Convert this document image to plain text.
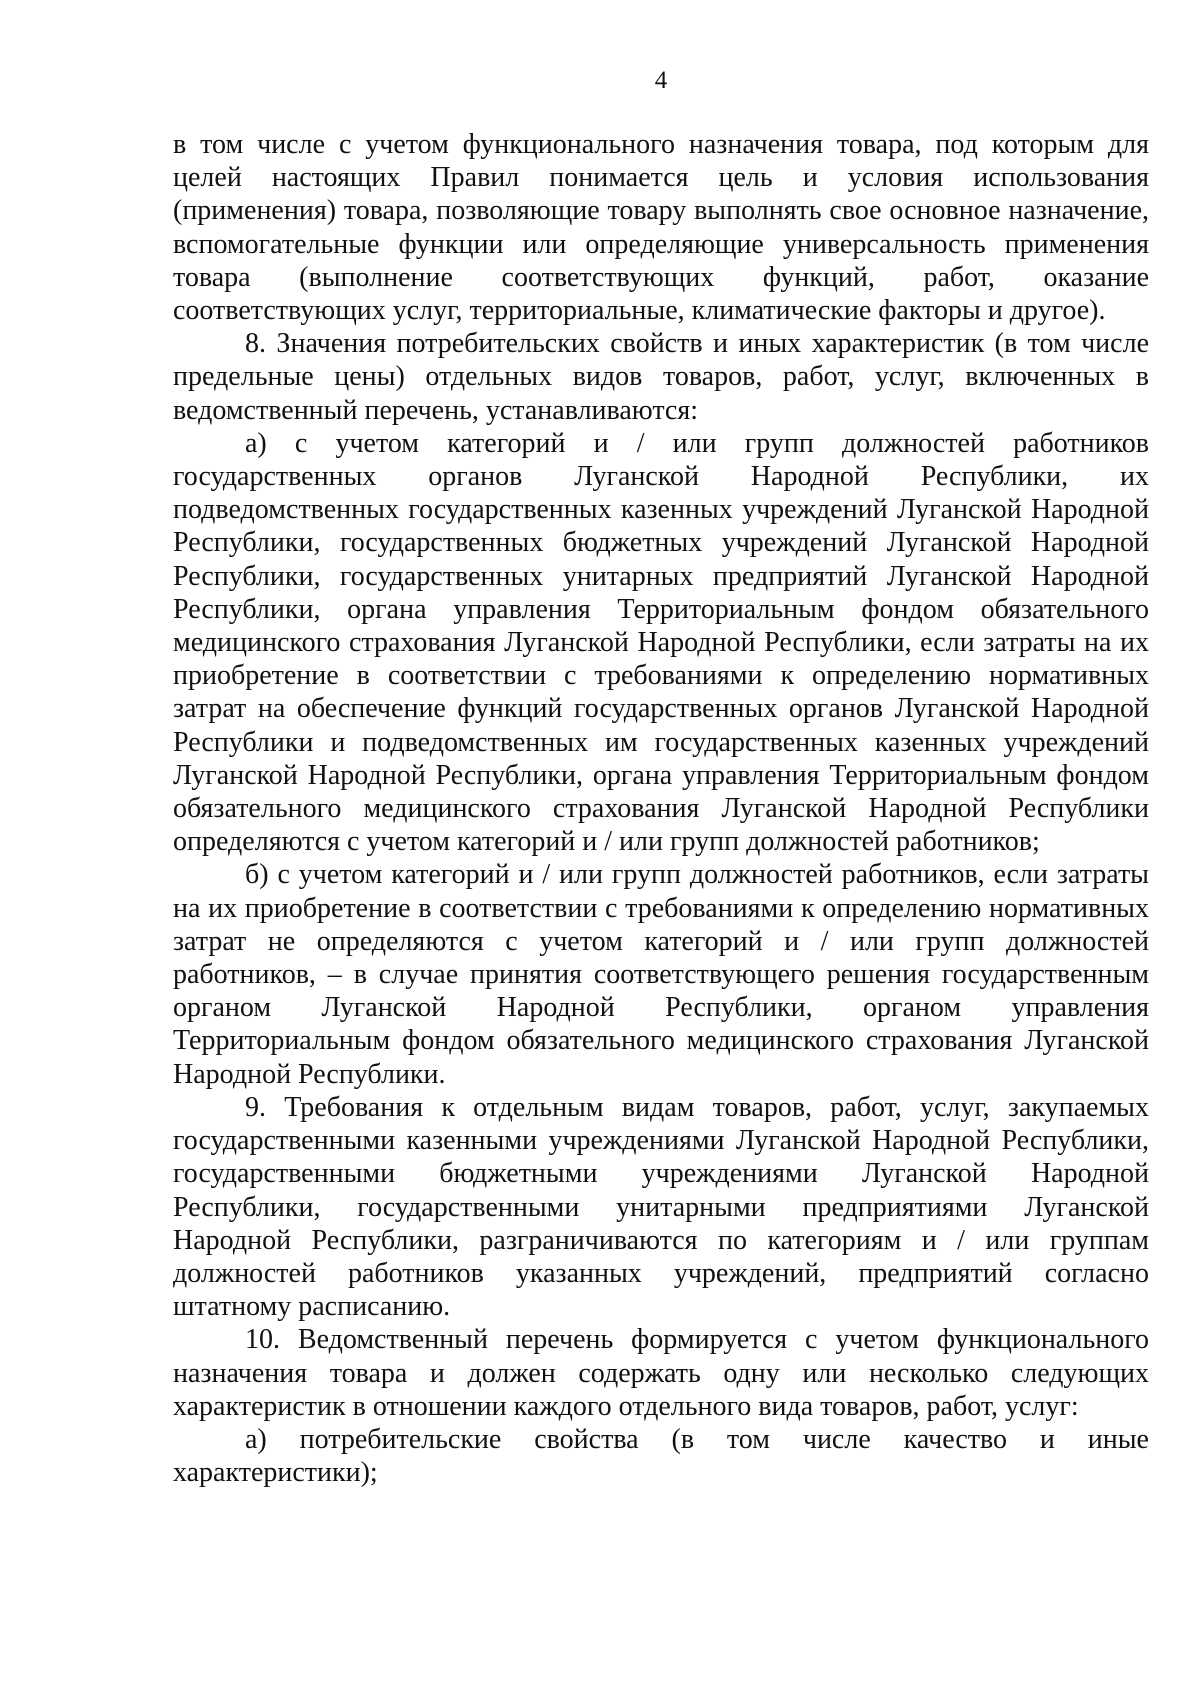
4

в том числе с учетом функционального назначения товара, под которым для целей настоящих Правил понимается цель и условия использования (применения) товара, позволяющие товару выполнять свое основное назначение, вспомогательные функции или определяющие универсальность применения товара (выполнение соответствующих функций, работ, оказание соответствующих услуг, территориальные, климатические факторы и другое).

8. Значения потребительских свойств и иных характеристик (в том числе предельные цены) отдельных видов товаров, работ, услуг, включенных в ведомственный перечень, устанавливаются:

а) с учетом категорий и / или групп должностей работников государственных органов Луганской Народной Республики, их подведомственных государственных казенных учреждений Луганской Народной Республики, государственных бюджетных учреждений Луганской Народной Республики, государственных унитарных предприятий Луганской Народной Республики, органа управления Территориальным фондом обязательного медицинского страхования Луганской Народной Республики, если затраты на их приобретение в соответствии с требованиями к определению нормативных затрат на обеспечение функций государственных органов Луганской Народной Республики и подведомственных им государственных казенных учреждений Луганской Народной Республики, органа управления Территориальным фондом обязательного медицинского страхования Луганской Народной Республики определяются с учетом категорий и / или групп должностей работников;

б) с учетом категорий и / или групп должностей работников, если затраты на их приобретение в соответствии с требованиями к определению нормативных затрат не определяются с учетом категорий и / или групп должностей работников, – в случае принятия соответствующего решения государственным органом Луганской Народной Республики, органом управления Территориальным фондом обязательного медицинского страхования Луганской Народной Республики.

9. Требования к отдельным видам товаров, работ, услуг, закупаемых государственными казенными учреждениями Луганской Народной Республики, государственными бюджетными учреждениями Луганской Народной Республики, государственными унитарными предприятиями Луганской Народной Республики, разграничиваются по категориям и / или группам должностей работников указанных учреждений, предприятий согласно штатному расписанию.

10. Ведомственный перечень формируется с учетом функционального назначения товара и должен содержать одну или несколько следующих характеристик в отношении каждого отдельного вида товаров, работ, услуг:

а) потребительские свойства (в том числе качество и иные характеристики);
